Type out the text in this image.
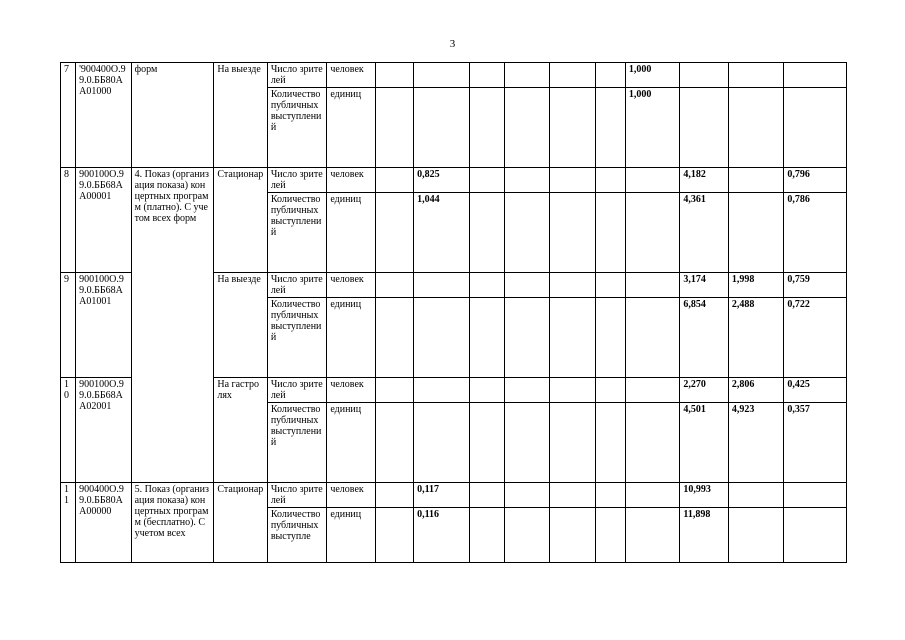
3
7	'900400О.99.0.ББ80АА01000	форм	На выезде	Число зрителей	человек							1,000			
				Количество публичных выступлений	единиц							1,000			
8	900100О.99.0.ББ68АА00001	4. Показ (организация показа) концертных программ (платно). С учетом всех форм	Стационар	Число зрителей	человек		0,825						4,182		0,796
				Количество публичных выступлений	единиц		1,044						4,361		0,786
9	900100О.99.0.ББ68АА01001		На выезде	Число зрителей	человек								3,174	1,998	0,759
				Количество публичных выступлений	единиц								6,854	2,488	0,722
10	900100О.99.0.ББ68АА02001		На гастролях	Число зрителей	человек								2,270	2,806	0,425
				Количество публичных выступлений	единиц								4,501	4,923	0,357
11	900400О.99.0.ББ80АА00000	5. Показ (организация показа) концертных программ (бесплатно). С учетом всех	Стационар	Число зрителей	человек		0,117						10,993		
				Количество публичных выступле	единиц		0,116						11,898		
